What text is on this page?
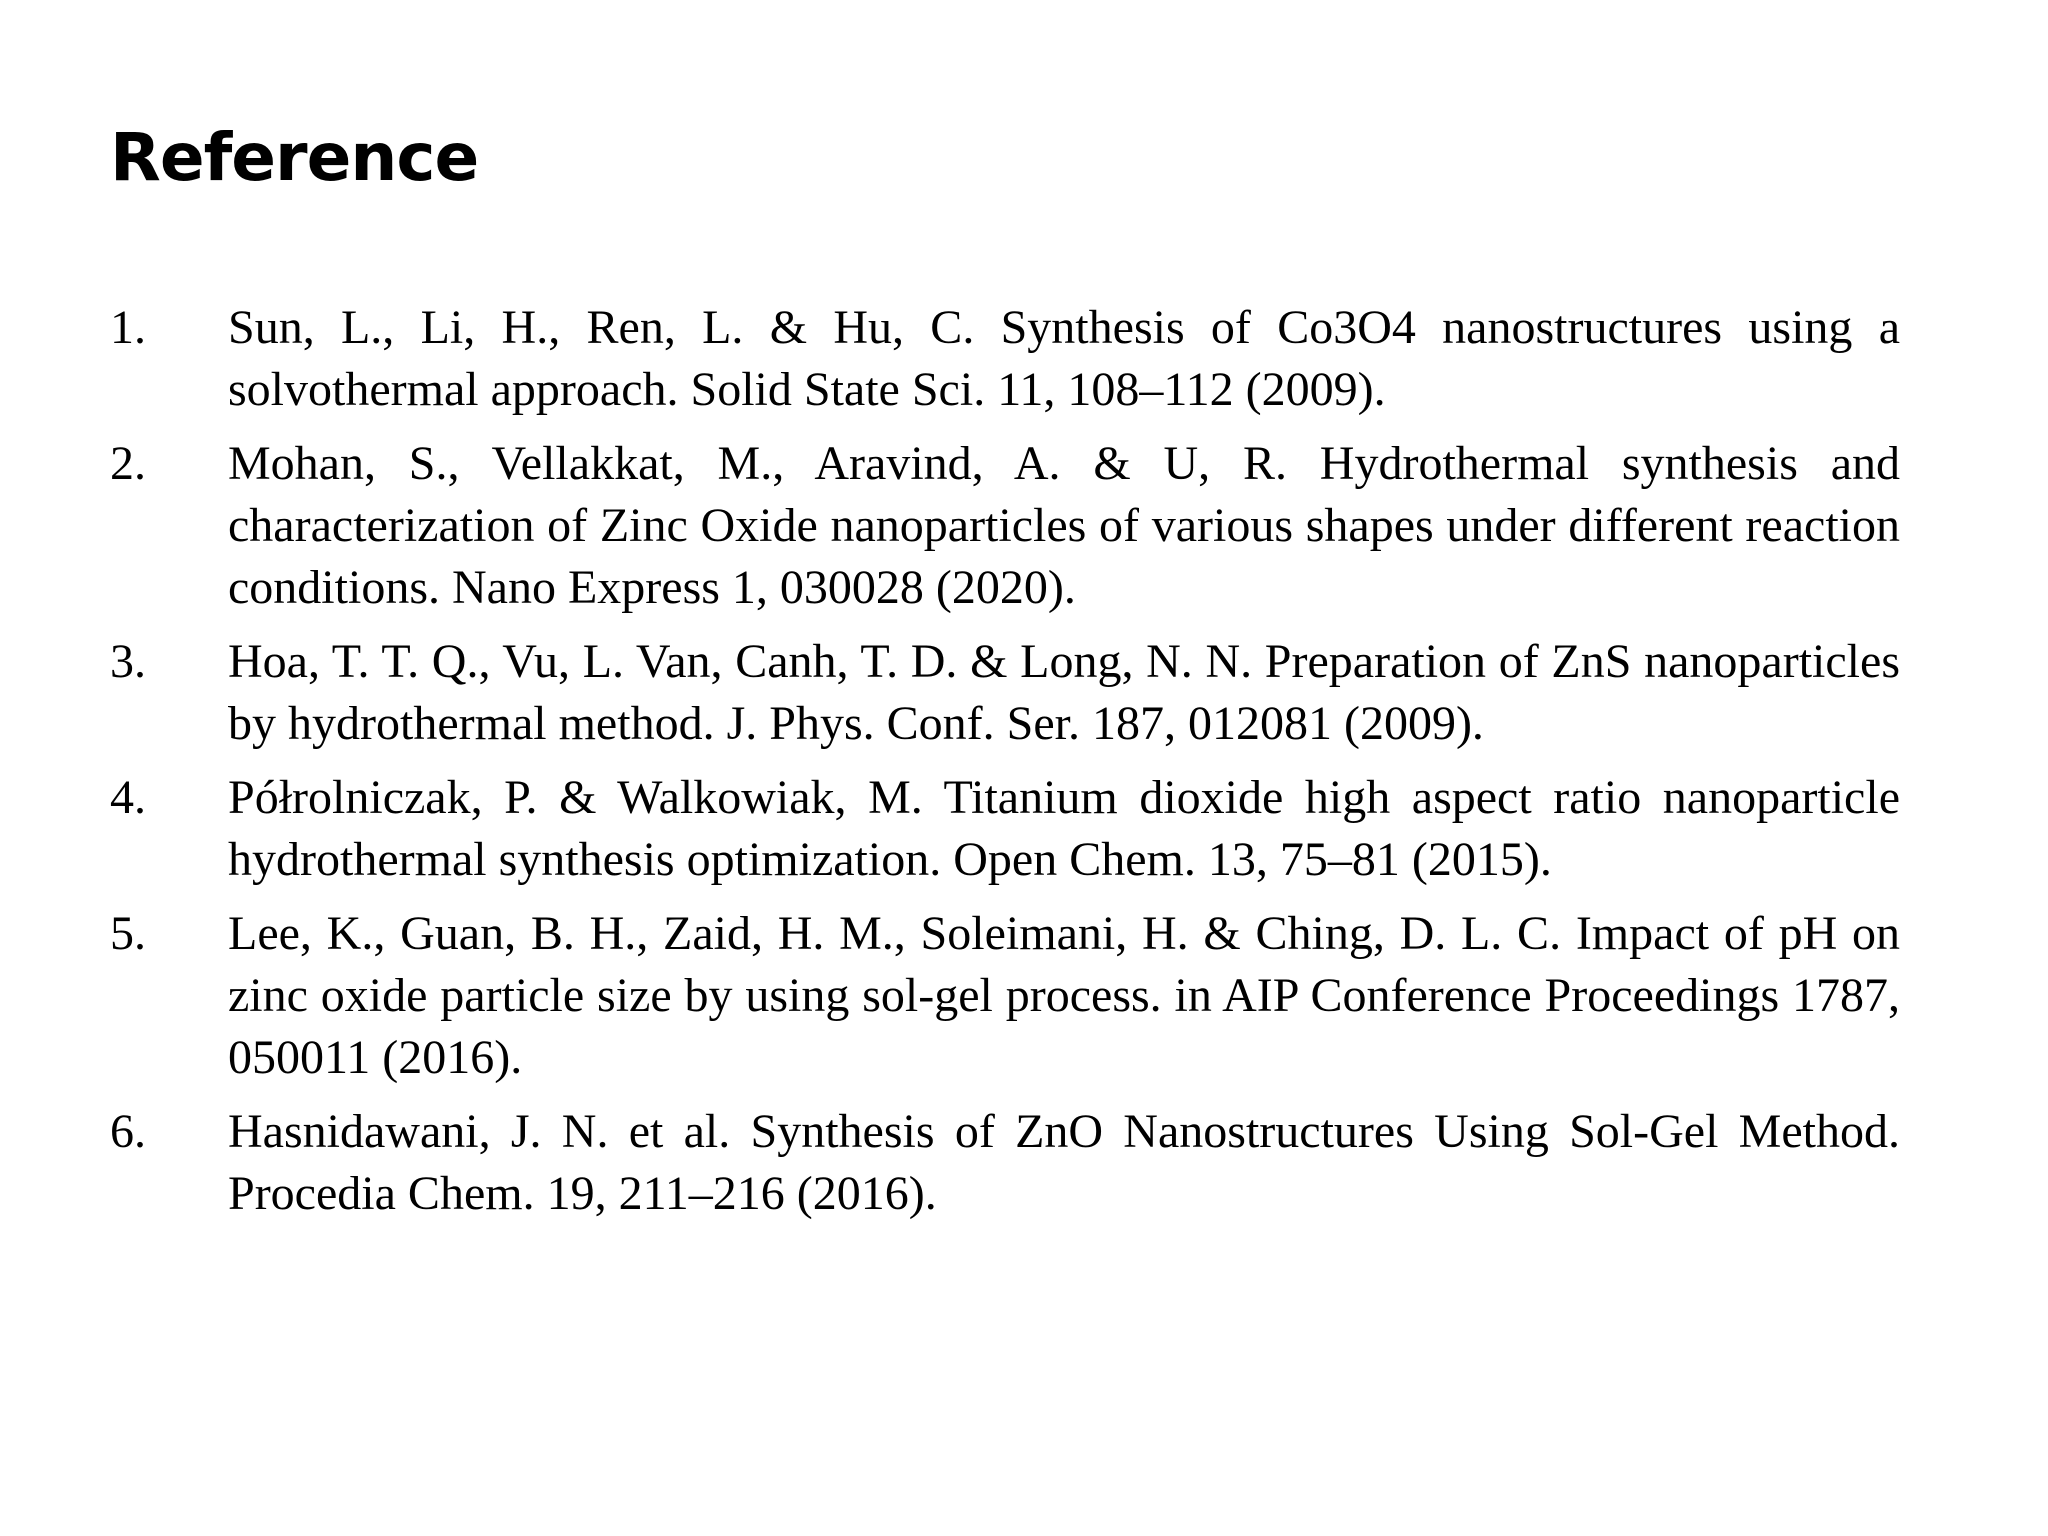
Reference
1.	Sun, L., Li, H., Ren, L. & Hu, C. Synthesis of Co3O4 nanostructures using a solvothermal approach. Solid State Sci. 11, 108–112 (2009).
2.	Mohan, S., Vellakkat, M., Aravind, A. & U, R. Hydrothermal synthesis and characterization of Zinc Oxide nanoparticles of various shapes under different reaction conditions. Nano Express 1, 030028 (2020).
3.	Hoa, T. T. Q., Vu, L. Van, Canh, T. D. & Long, N. N. Preparation of ZnS nanoparticles by hydrothermal method. J. Phys. Conf. Ser. 187, 012081 (2009).
4.	Półrolniczak, P. & Walkowiak, M. Titanium dioxide high aspect ratio nanoparticle hydrothermal synthesis optimization. Open Chem. 13, 75–81 (2015).
5.	Lee, K., Guan, B. H., Zaid, H. M., Soleimani, H. & Ching, D. L. C. Impact of pH on zinc oxide particle size by using sol-gel process. in AIP Conference Proceedings 1787, 050011 (2016).
6.	Hasnidawani, J. N. et al. Synthesis of ZnO Nanostructures Using Sol-Gel Method. Procedia Chem. 19, 211–216 (2016).
